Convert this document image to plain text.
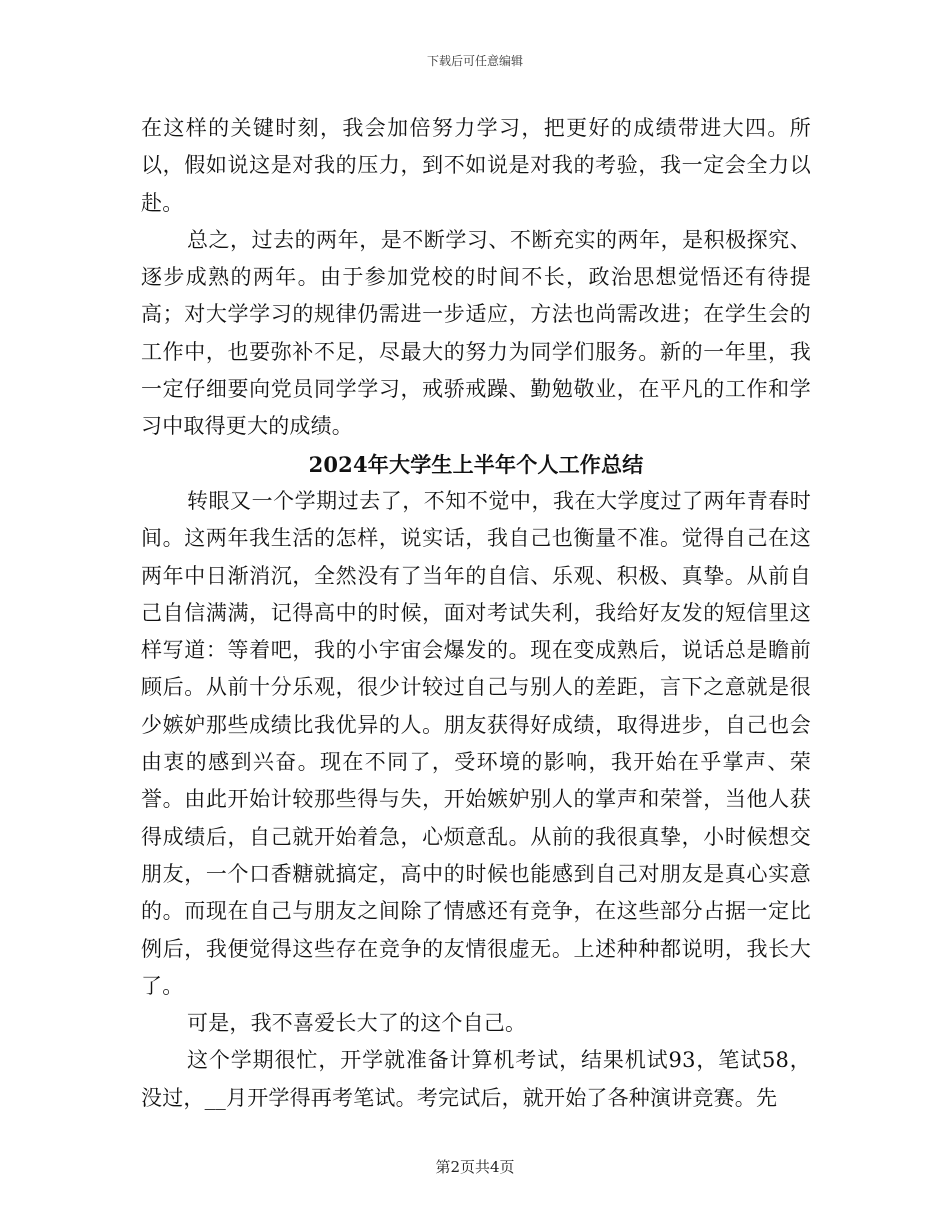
下载后可任意编辑

在这样的关键时刻，我会加倍努力学习，把更好的成绩带进大四。所以，假如说这是对我的压力，到不如说是对我的考验，我一定会全力以赴。

总之，过去的两年，是不断学习、不断充实的两年，是积极探究、逐步成熟的两年。由于参加党校的时间不长，政治思想觉悟还有待提高；对大学学习的规律仍需进一步适应，方法也尚需改进；在学生会的工作中，也要弥补不足，尽最大的努力为同学们服务。新的一年里，我一定仔细要向党员同学学习，戒骄戒躁、勤勉敬业，在平凡的工作和学习中取得更大的成绩。

2024年大学生上半年个人工作总结

转眼又一个学期过去了，不知不觉中，我在大学度过了两年青春时间。这两年我生活的怎样，说实话，我自己也衡量不准。觉得自己在这两年中日渐消沉，全然没有了当年的自信、乐观、积极、真挚。从前自己自信满满，记得高中的时候，面对考试失利，我给好友发的短信里这样写道：等着吧，我的小宇宙会爆发的。现在变成熟后，说话总是瞻前顾后。从前十分乐观，很少计较过自己与别人的差距，言下之意就是很少嫉妒那些成绩比我优异的人。朋友获得好成绩，取得进步，自己也会由衷的感到兴奋。现在不同了，受环境的影响，我开始在乎掌声、荣誉。由此开始计较那些得与失，开始嫉妒别人的掌声和荣誉，当他人获得成绩后，自己就开始着急，心烦意乱。从前的我很真挚，小时候想交朋友，一个口香糖就搞定，高中的时候也能感到自己对朋友是真心实意的。而现在自己与朋友之间除了情感还有竞争，在这些部分占据一定比例后，我便觉得这些存在竞争的友情很虚无。上述种种都说明，我长大了。

可是，我不喜爱长大了的这个自己。

这个学期很忙，开学就准备计算机考试，结果机试93，笔试58，没过，__月开学得再考笔试。考完试后，就开始了各种演讲竞赛。先

第2页共4页
